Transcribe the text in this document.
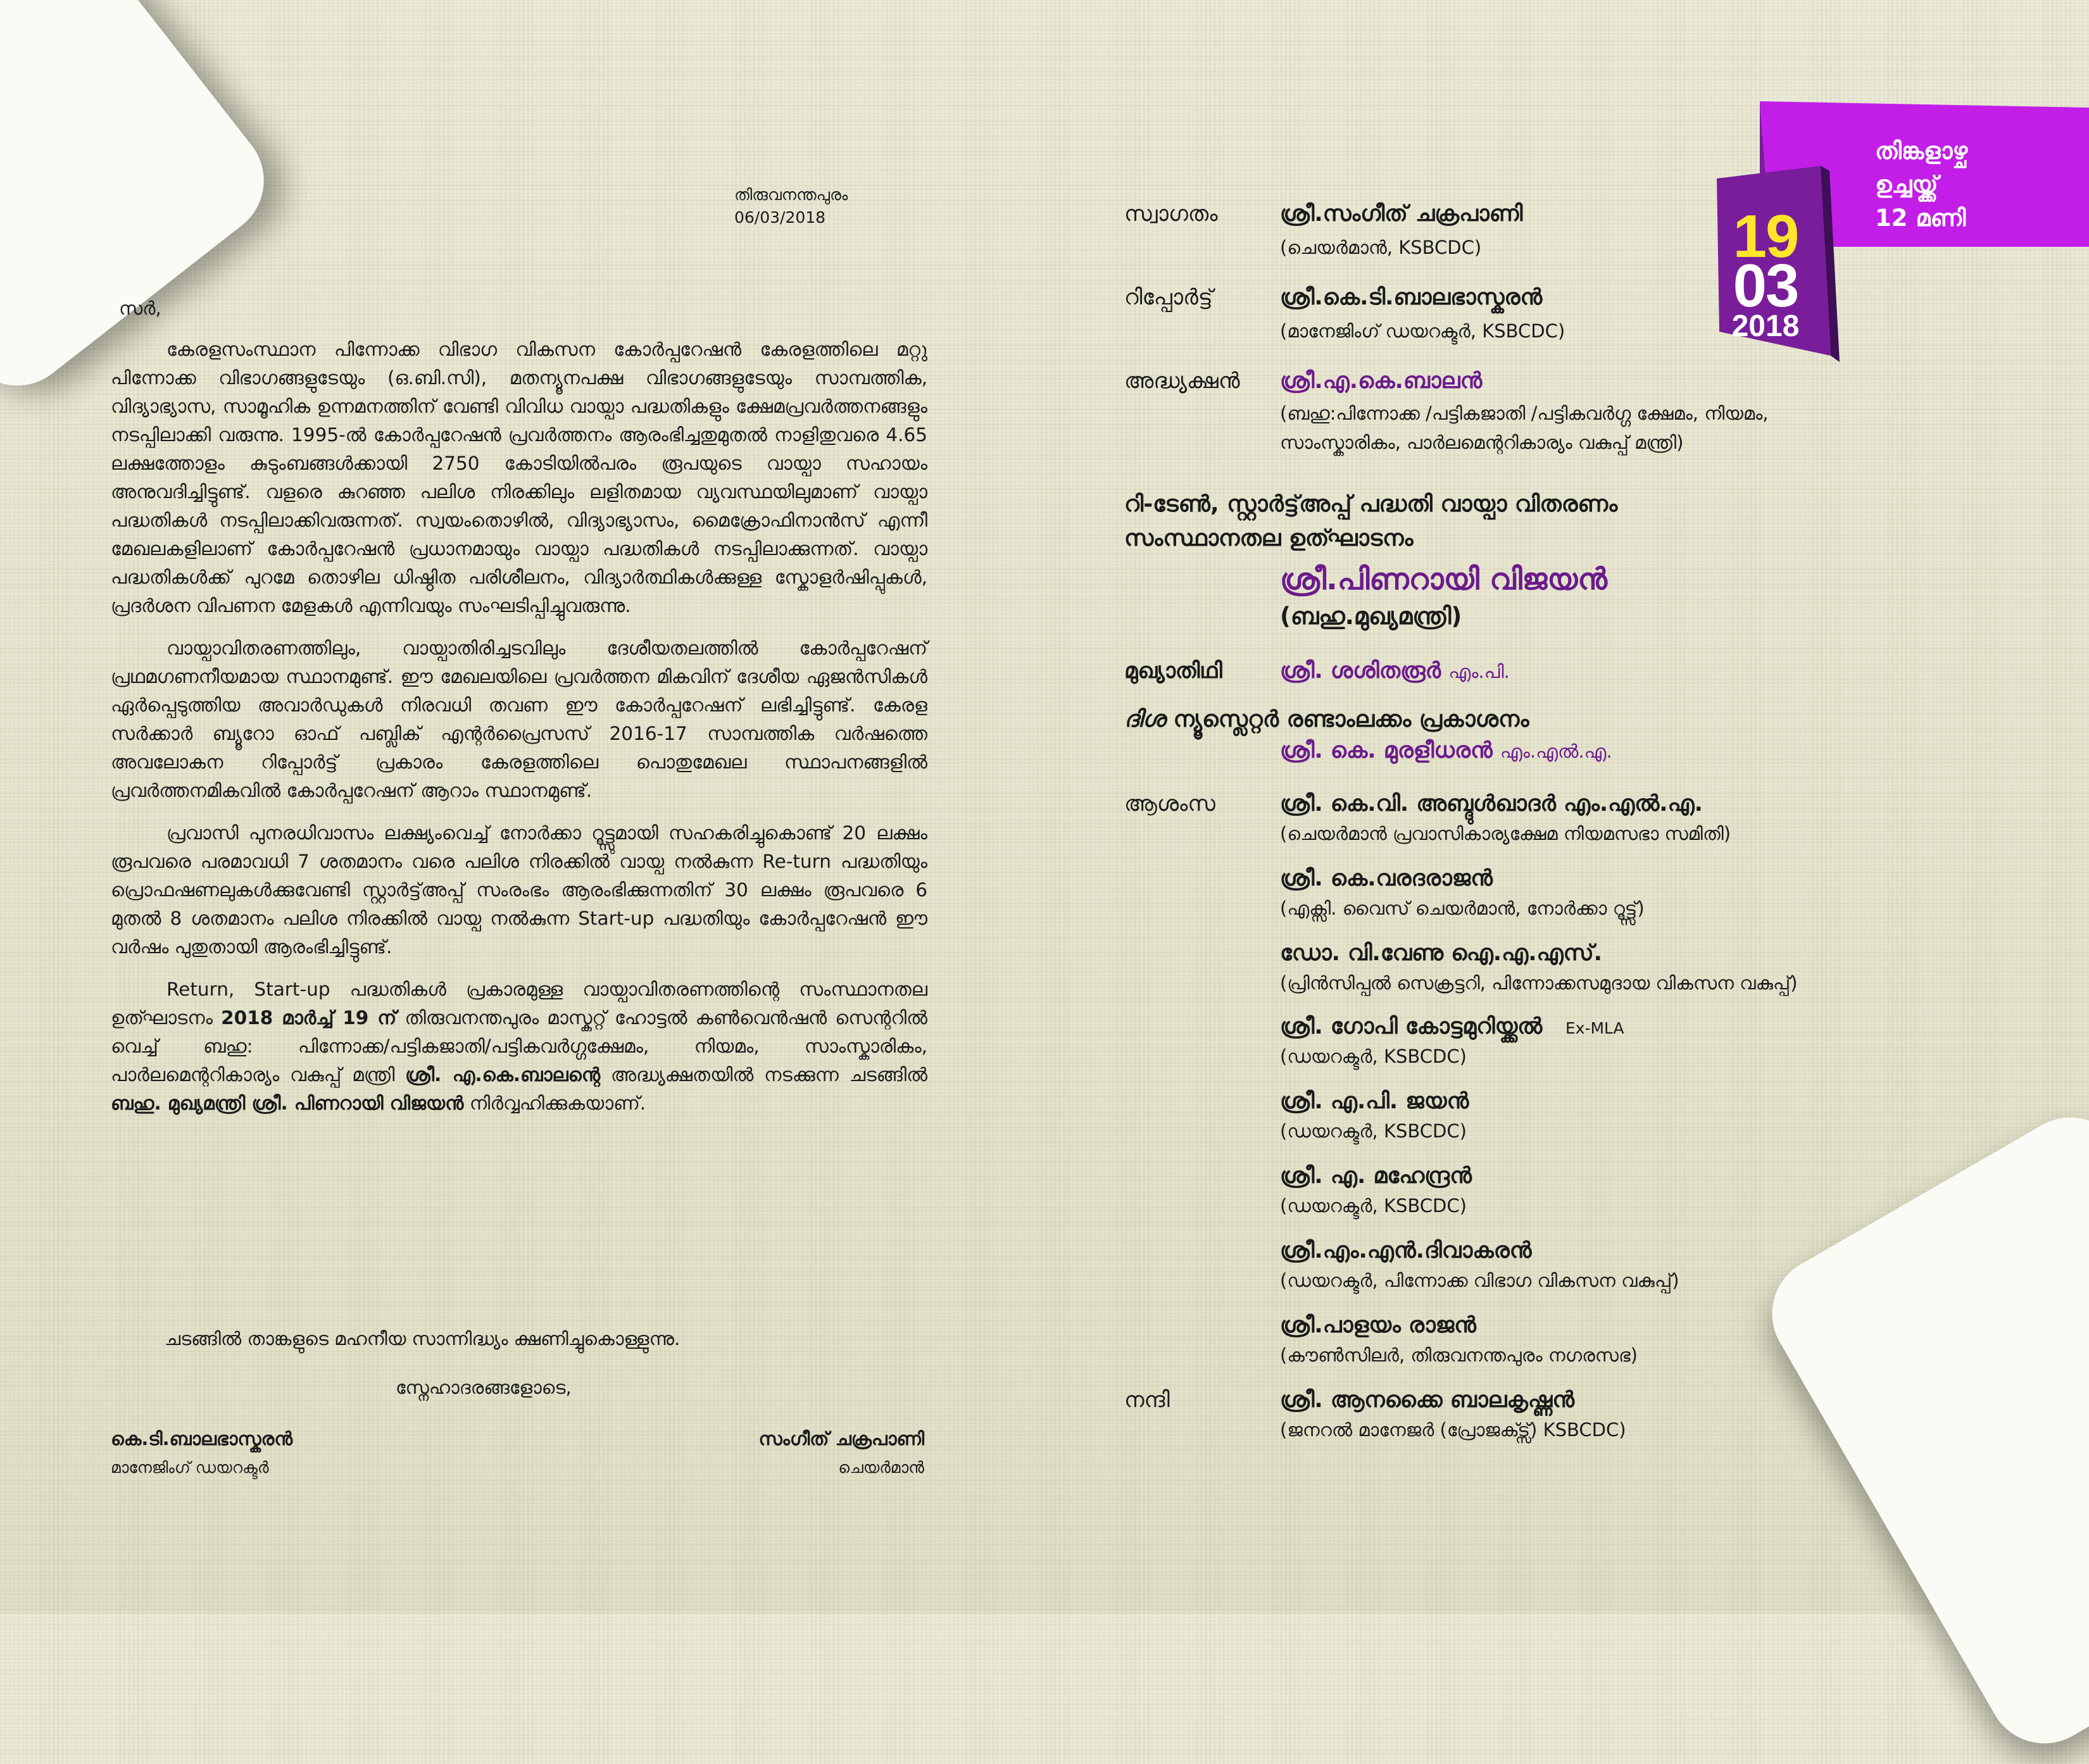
തിരുവനന്തപുരം
06/03/2018
സർ,

കേരളസംസ്ഥാന പിന്നോക്ക വിഭാഗ വികസന കോർപ്പറേഷൻ കേരളത്തിലെ മറ്റു പിന്നോക്ക വിഭാഗങ്ങളുടേയും (ഒ.ബി.സി), മതന്യൂനപക്ഷ വിഭാഗങ്ങളുടേയും സാമ്പത്തിക, വിദ്യാഭ്യാസ, സാമൂഹിക ഉന്നമനത്തിന് വേണ്ടി വിവിധ വായ്പാ പദ്ധതികളും ക്ഷേമപ്രവർത്തനങ്ങളും നടപ്പിലാക്കി വരുന്നു. 1995-ൽ കോർപ്പറേഷൻ പ്രവർത്തനം ആരംഭിച്ചതുമുതൽ നാളിതുവരെ 4.65 ലക്ഷത്തോളം കുടുംബങ്ങൾക്കായി 2750 കോടിയിൽപരം രൂപയുടെ വായ്പാ സഹായം അനുവദിച്ചിട്ടുണ്ട്. വളരെ കുറഞ്ഞ പലിശ നിരക്കിലും ലളിതമായ വ്യവസ്ഥയിലുമാണ് വായ്പാ പദ്ധതികൾ നടപ്പിലാക്കിവരുന്നത്. സ്വയംതൊഴിൽ, വിദ്യാഭ്യാസം, മൈക്രോഫിനാൻസ് എന്നീ മേഖലകളിലാണ് കോർപ്പറേഷൻ പ്രധാനമായും വായ്പാ പദ്ധതികൾ നടപ്പിലാക്കുന്നത്. വായ്പാ പദ്ധതികൾക്ക് പുറമേ തൊഴില ധിഷ്ഠിത പരിശീലനം, വിദ്യാർത്ഥികൾക്കുള്ള സ്കോളർഷിപ്പുകൾ, പ്രദർശന വിപണന മേളകൾ എന്നിവയും സംഘടിപ്പിച്ചുവരുന്നു.

വായ്പാവിതരണത്തിലും, വായ്പാതിരിച്ചടവിലും ദേശീയതലത്തിൽ കോർപ്പറേഷന് പ്രഥമഗണനീയമായ സ്ഥാനമുണ്ട്. ഈ മേഖലയിലെ പ്രവർത്തന മികവിന് ദേശീയ ഏജൻസികൾ ഏർപ്പെടുത്തിയ അവാർഡുകൾ നിരവധി തവണ ഈ കോർപ്പറേഷന് ലഭിച്ചിട്ടുണ്ട്. കേരള സർക്കാർ ബ്യൂറോ ഓഫ് പബ്ലിക് എന്റർപ്രൈസസ് 2016-17 സാമ്പത്തിക വർഷത്തെ അവലോകന റിപ്പോർട്ട് പ്രകാരം കേരളത്തിലെ പൊതുമേഖല സ്ഥാപനങ്ങളിൽ പ്രവർത്തനമികവിൽ കോർപ്പറേഷന് ആറാം സ്ഥാനമുണ്ട്.

പ്രവാസി പുനരധിവാസം ലക്ഷ്യംവെച്ച് നോർക്കാ റൂട്ട്സുമായി സഹകരിച്ചുകൊണ്ട് 20 ലക്ഷം രൂപവരെ പരമാവധി 7 ശതമാനം വരെ പലിശ നിരക്കിൽ വായ്പ നൽകുന്ന Re-turn പദ്ധതിയും പ്രൊഫഷണലുകൾക്കുവേണ്ടി സ്റ്റാർട്ട്അപ്പ് സംരംഭം ആരംഭിക്കുന്നതിന് 30 ലക്ഷം രൂപവരെ 6 മുതൽ 8 ശതമാനം പലിശ നിരക്കിൽ വായ്പ നൽകുന്ന Start-up പദ്ധതിയും കോർപ്പറേഷൻ ഈ വർഷം പുതുതായി ആരംഭിച്ചിട്ടുണ്ട്.

Return, Start-up പദ്ധതികൾ പ്രകാരമുള്ള വായ്പാവിതരണത്തിന്റെ സംസ്ഥാനതല ഉത്ഘാടനം 2018 മാർച്ച് 19 ന് തിരുവനന്തപുരം മാസ്കറ്റ് ഹോട്ടൽ കൺവെൻഷൻ സെന്ററിൽ വെച്ച് ബഹു: പിന്നോക്ക/പട്ടികജാതി/പട്ടികവർഗ്ഗക്ഷേമം, നിയമം, സാംസ്കാരികം, പാർലമെന്ററികാര്യം വകുപ്പ് മന്ത്രി ശ്രീ. എ.കെ.ബാലന്റെ അദ്ധ്യക്ഷതയിൽ നടക്കുന്ന ചടങ്ങിൽ ബഹു. മുഖ്യമന്ത്രി ശ്രീ. പിണറായി വിജയൻ നിർവ്വഹിക്കുകയാണ്.

ചടങ്ങിൽ താങ്കളുടെ മഹനീയ സാന്നിദ്ധ്യം ക്ഷണിച്ചുകൊള്ളുന്നു.
സ്നേഹാദരങ്ങളോടെ,
കെ.ടി.ബാലഭാസ്കരൻ
മാനേജിംഗ് ഡയറക്ടർ
സംഗീത് ചക്രപാണി
ചെയർമാൻ
തിങ്കളാഴ്ച
ഉച്ചയ്ക്ക്
12 മണി
19
03
2018
സ്വാഗതം	ശ്രീ.സംഗീത് ചക്രപാണി
(ചെയർമാൻ, KSBCDC)
റിപ്പോർട്ട്	ശ്രീ.കെ.ടി.ബാലഭാസ്കരൻ
(മാനേജിംഗ് ഡയറക്ടർ, KSBCDC)
അദ്ധ്യക്ഷൻ ശ്രീ.എ.കെ.ബാലൻ
(ബഹു:പിന്നോക്ക /പട്ടികജാതി /പട്ടികവർഗ്ഗ ക്ഷേമം, നിയമം,
സാംസ്കാരികം, പാർലമെന്ററികാര്യം വകുപ്പ് മന്ത്രി)
റി-ടേൺ, സ്റ്റാർട്ട്അപ്പ് പദ്ധതി വായ്പാ വിതരണം
സംസ്ഥാനതല ഉത്ഘാടനം
ശ്രീ.പിണറായി വിജയൻ
(ബഹു.മുഖ്യമന്ത്രി)
മുഖ്യാതിഥി	ശ്രീ. ശശിതരൂർ എം.പി.
ദിശ ന്യൂസ്ലെറ്റർ രണ്ടാംലക്കം പ്രകാശനം
ശ്രീ. കെ. മുരളീധരൻ എം.എൽ.എ.
ആശംസ	ശ്രീ. കെ.വി. അബ്ദുൾഖാദർ എം.എൽ.എ.
(ചെയർമാൻ പ്രവാസികാര്യക്ഷേമ നിയമസഭാ സമിതി)
ശ്രീ. കെ.വരദരാജൻ
(എക്സി. വൈസ് ചെയർമാൻ, നോർക്കാ റൂട്ട്സ്)
ഡോ. വി.വേണു ഐ.എ.എസ്.
(പ്രിൻസിപ്പൽ സെക്രട്ടറി, പിന്നോക്കസമുദായ വികസന വകുപ്പ്)
ശ്രീ. ഗോപി കോട്ടമുറിയ്ക്കൽ Ex-MLA
(ഡയറക്ടർ, KSBCDC)
ശ്രീ. എ.പി. ജയൻ
(ഡയറക്ടർ, KSBCDC)
ശ്രീ. എ. മഹേന്ദ്രൻ
(ഡയറക്ടർ, KSBCDC)
ശ്രീ.എം.എൻ.ദിവാകരൻ
(ഡയറക്ടർ, പിന്നോക്ക വിഭാഗ വികസന വകുപ്പ്)
ശ്രീ.പാളയം രാജൻ
(കൗൺസിലർ, തിരുവനന്തപുരം നഗരസഭ)
നന്ദി	ശ്രീ. ആനക്കൈ ബാലകൃഷ്ണൻ
(ജനറൽ മാനേജർ (പ്രോജക്ട്സ്) KSBCDC)
